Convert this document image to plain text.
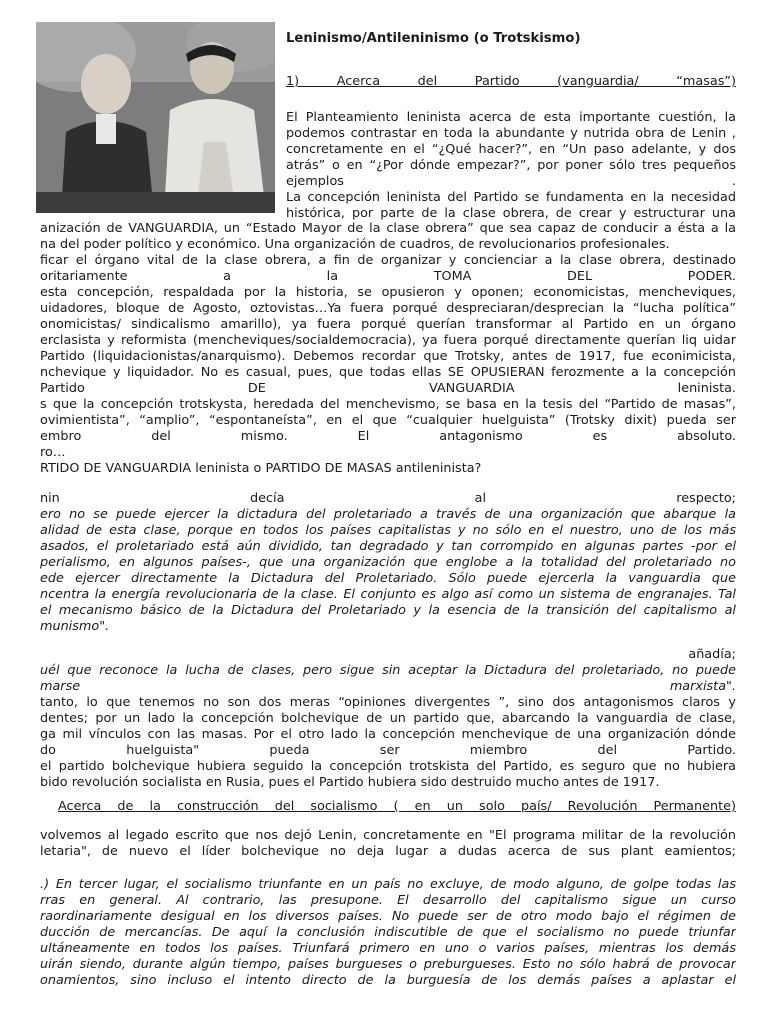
Leninismo/Antileninismo (o Trotskismo)

1) Acerca del Partido (vanguardia/ “masas”)

El Planteamiento leninista acerca de esta importante cuestión, la

podemos contrastar en toda la abundante y nutrida obra de Lenin ,

concretamente en el “¿Qué hacer?”, en “Un paso adelante, y dos

atrás” o en “¿Por dónde empezar?”, por poner sólo tres pequeños

ejemplos .

La concepción leninista del Partido se fundamenta en la necesidad

histórica, por parte de la clase obrera, de crear y estructurar una

anización de VANGUARDIA, un “Estado Mayor de la clase obrera” que sea capaz de conducir a ésta a la

na del poder político y económico. Una organización de cuadros, de revolucionarios profesionales.

ficar el órgano vital de la clase obrera, a fin de organizar y concienciar a la clase obrera, destinado

oritariamente a la TOMA DEL PODER.

esta concepción, respaldada por la historia, se opusieron y oponen; economicistas, mencheviques,

uidadores, bloque de Agosto, oztovistas…Ya fuera porqué despreciaran/desprecian la “lucha política”

onomicistas/ sindicalismo amarillo), ya fuera porqué querían transformar al Partido en un órgano

erclasista y reformista (mencheviques/socialdemocracia), ya fuera porqué directamente querían liq uidar

Partido (liquidacionistas/anarquismo). Debemos recordar que Trotsky, antes de 1917, fue econimicista,

nchevique y liquidador. No es casual, pues, que todas ellas SE OPUSIERAN ferozmente a la concepción

Partido DE VANGUARDIA leninista.

s que la concepción trotskysta, heredada del menchevismo, se basa en la tesis del “Partido de masas”,

ovimientista”, “amplio”, “espontaneísta”, en el que “cualquier huelguista” (Trotsky dixit) pueda ser

embro del mismo. El antagonismo es absoluto.

ro…

RTIDO DE VANGUARDIA leninista o PARTIDO DE MASAS antileninista?

nin decía al respecto;

ero no se puede ejercer la dictadura del proletariado a través de una organización que abarque la

alidad de esta clase, porque en todos los países capitalistas y no sólo en el nuestro, uno de los más

asados, el proletariado está aún dividido, tan degradado y tan corrompido en algunas partes -por el

perialismo, en algunos países-, que una organización que englobe a la totalidad del proletariado no

ede ejercer directamente la Dictadura del Proletariado. Sólo puede ejercerla la vanguardia que

ncentra la energía revolucionaria de la clase. El conjunto es algo así como un sistema de engranajes. Tal

el mecanismo básico de la Dictadura del Proletariado y la esencia de la transición del capitalismo al

munismo".

añadía;

uél que reconoce la lucha de clases, pero sigue sin aceptar la Dictadura del proletariado, no puede

marse marxista".

tanto, lo que tenemos no son dos meras “opiniones divergentes ”, sino dos antagonismos claros y

dentes; por un lado la concepción bolchevique de un partido que, abarcando la vanguardia de clase,

ga mil vínculos con las masas. Por el otro lado la concepción menchevique de una organización dónde

do huelguista" pueda ser miembro del Partido.

el partido bolchevique hubiera seguido la concepción trotskista del Partido, es seguro que no hubiera

bido revolución socialista en Rusia, pues el Partido hubiera sido destruido mucho antes de 1917.

Acerca de la construcción del socialismo ( en un solo país/ Revolución Permanente)

volvemos al legado escrito que nos dejó Lenin, concretamente en "El programa militar de la revolución

letaria", de nuevo el líder bolchevique no deja lugar a dudas acerca de sus plant eamientos;

.) En tercer lugar, el socialismo triunfante en un país no excluye, de modo alguno, de golpe todas las

rras en general. Al contrario, las presupone. El desarrollo del capitalismo sigue un curso

raordinariamente desigual en los diversos países. No puede ser de otro modo bajo el régimen de

ducción de mercancías. De aquí la conclusión indiscutible de que el socialismo no puede triunfar

ultáneamente en todos los países. Triunfará primero en uno o varios países, mientras los demás

uirán siendo, durante algún tiempo, países burgueses o preburgueses. Esto no sólo habrá de provocar

onamientos, sino incluso el intento directo de la burguesía de los demás países a aplastar el
